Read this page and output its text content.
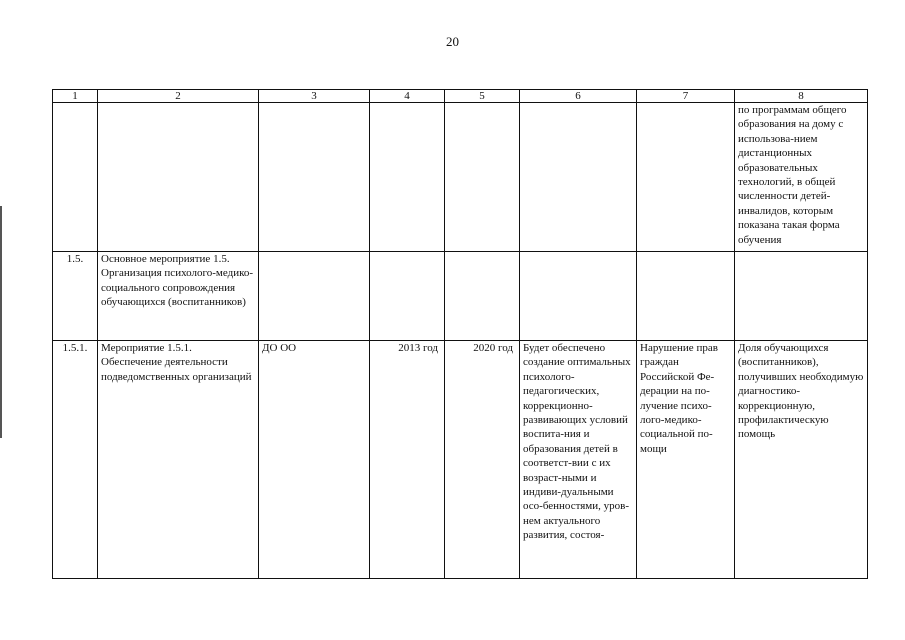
20
1	2	3	4	5	6	7	8
							по программам общего образования на дому с использова-нием дистанционных образовательных технологий, в общей численности детей-инвалидов, которым показана такая форма обучения
1.5.	Основное мероприятие 1.5. Организация психолого-медико-социального сопровождения обучающихся (воспитанников)						
1.5.1.	Мероприятие 1.5.1. Обеспечение деятельности подведомственных организаций	ДО ОО	2013 год	2020 год	Будет обеспечено создание оптимальных психолого-педагогических, коррекционно-развивающих условий воспита-ния и образования детей в соответст-вии с их возраст-ными и индиви-дуальными осо-бенностями, уров-нем актуального развития, состоя-	Нарушение прав граждан Российской Фе-дерации на по-лучение психо-лого-медико-социальной по-мощи	Доля обучающихся (воспитанников), получивших необходимую диагностико-коррекционную, профилактическую помощь
